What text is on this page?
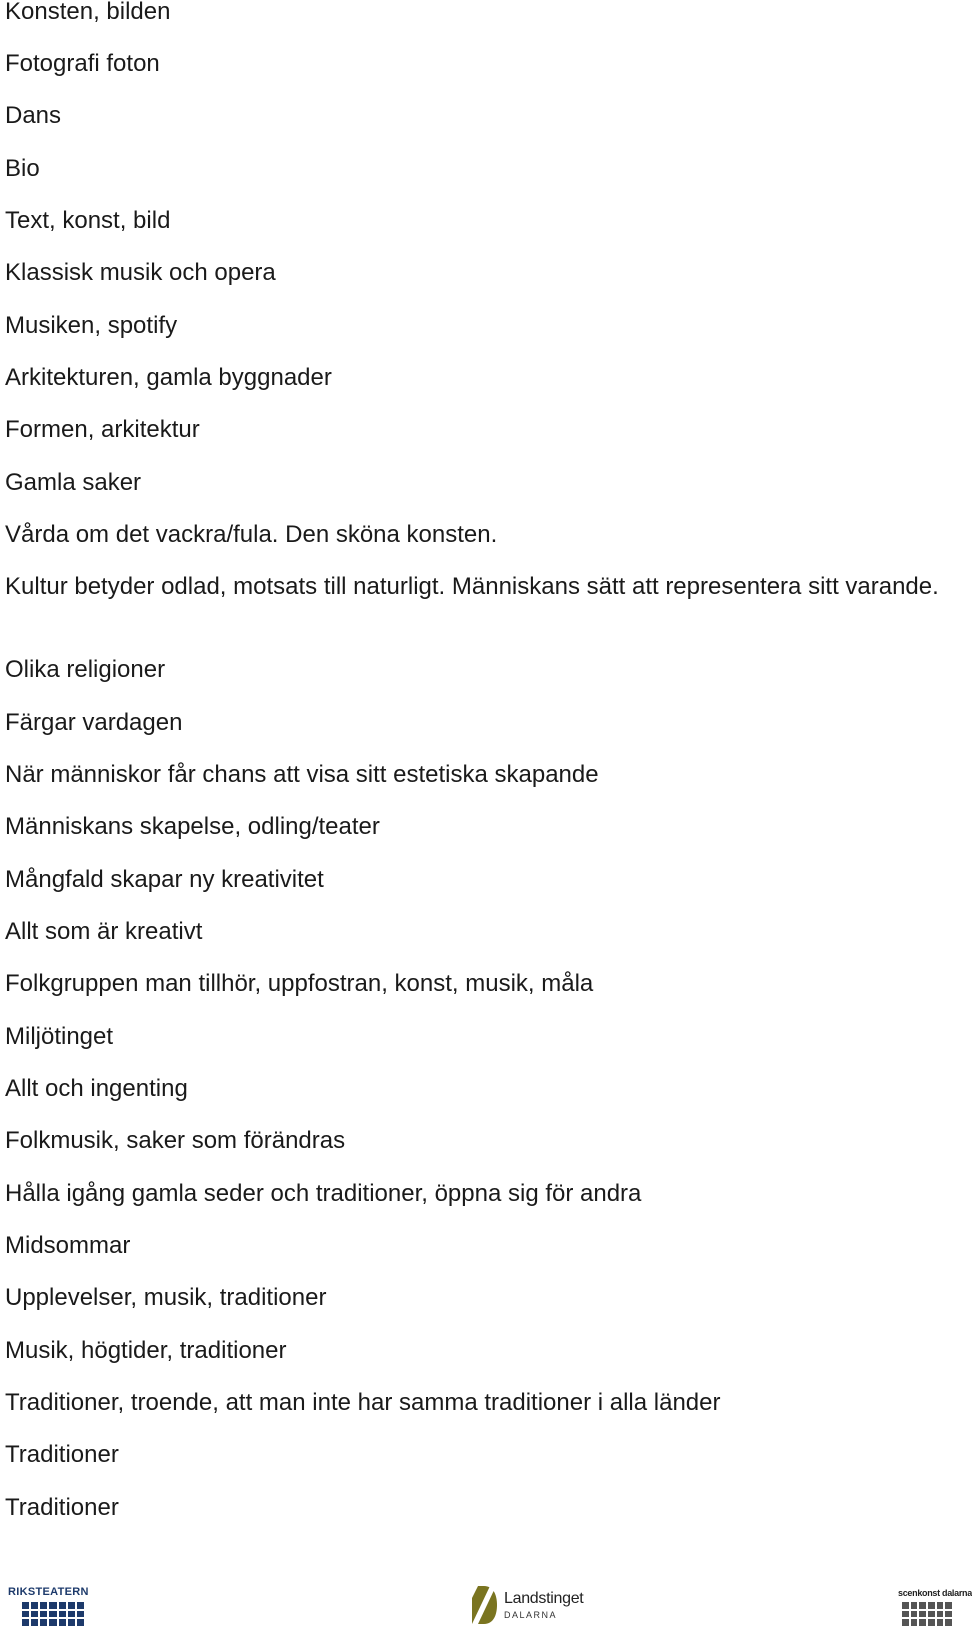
Konsten, bilden
Fotografi foton
Dans
Bio
Text, konst, bild
Klassisk musik och opera
Musiken, spotify
Arkitekturen, gamla byggnader
Formen, arkitektur
Gamla saker
Vårda om det vackra/fula. Den sköna konsten.
Kultur betyder odlad, motsats till naturligt. Människans sätt att representera sitt varande.
Olika religioner
Färgar vardagen
När människor får chans att visa sitt estetiska skapande
Människans skapelse, odling/teater
Mångfald skapar ny kreativitet
Allt som är kreativt
Folkgruppen man tillhör, uppfostran, konst, musik, måla
Miljötinget
Allt och ingenting
Folkmusik, saker som förändras
Hålla igång gamla seder och traditioner, öppna sig för andra
Midsommar
Upplevelser, musik, traditioner
Musik, högtider, traditioner
Traditioner, troende, att man inte har samma traditioner i alla länder
Traditioner
Traditioner
RIKSTEATERN	Landstinget
DALARNA
scenkonst dalarna
